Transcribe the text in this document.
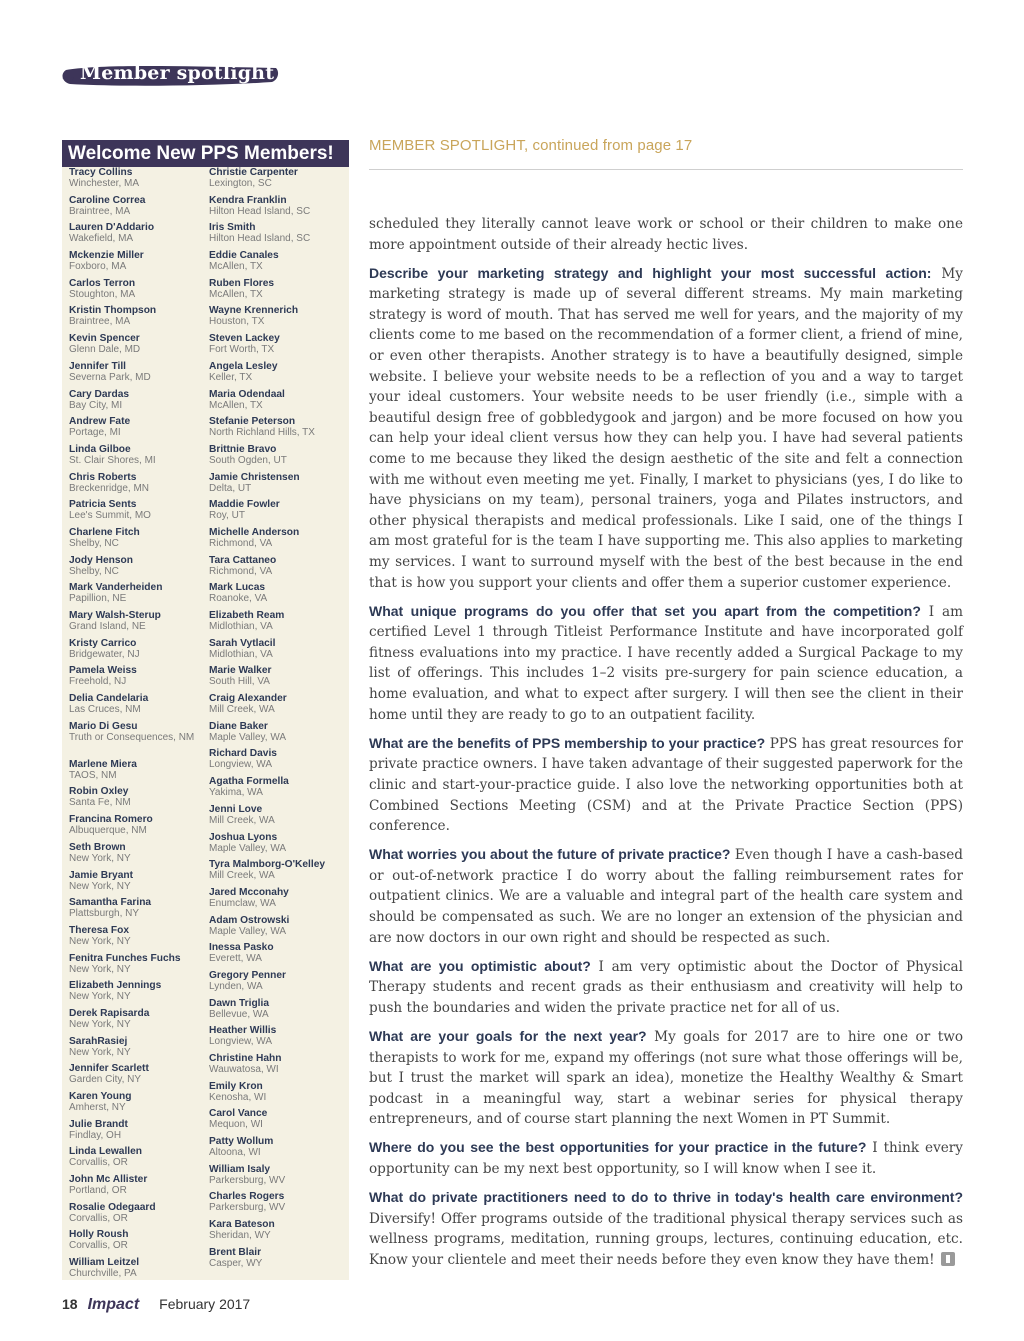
Member spotlight
Welcome New PPS Members!
Tracy Collins
Winchester, MA
Caroline Correa
Braintree, MA
Lauren D'Addario
Wakefield, MA
Mckenzie Miller
Foxboro, MA
Carlos Terron
Stoughton, MA
Kristin Thompson
Braintree, MA
Kevin Spencer
Glenn Dale, MD
Jennifer Till
Severna Park, MD
Cary Dardas
Bay City, MI
Andrew Fate
Portage, MI
Linda Gilboe
St. Clair Shores, MI
Chris Roberts
Breckenridge, MN
Patricia Sents
Lee's Summit, MO
Charlene Fitch
Shelby, NC
Jody Henson
Shelby, NC
Mark Vanderheiden
Papillion, NE
Mary Walsh-Sterup
Grand Island, NE
Kristy Carrico
Bridgewater, NJ
Pamela Weiss
Freehold, NJ
Delia Candelaria
Las Cruces, NM
Mario Di Gesu
Truth or Consequences, NM
Marlene Miera
TAOS, NM
Robin Oxley
Santa Fe, NM
Francina Romero
Albuquerque, NM
Seth Brown
New York, NY
Jamie Bryant
New York, NY
Samantha Farina
Plattsburgh, NY
Theresa Fox
New York, NY
Fenitra Funches Fuchs
New York, NY
Elizabeth Jennings
New York, NY
Derek Rapisarda
New York, NY
SarahRasiej
New York, NY
Jennifer Scarlett
Garden City, NY
Karen Young
Amherst, NY
Julie Brandt
Findlay, OH
Linda Lewallen
Corvallis, OR
John Mc Allister
Portland, OR
Rosalie Odegaard
Corvallis, OR
Holly Roush
Corvallis, OR
William Leitzel
Churchville, PA
Christie Carpenter
Lexington, SC
Kendra Franklin
Hilton Head Island, SC
Iris Smith
Hilton Head Island, SC
Eddie Canales
McAllen, TX
Ruben Flores
McAllen, TX
Wayne Krennerich
Houston, TX
Steven Lackey
Fort Worth, TX
Angela Lesley
Keller, TX
Maria Odendaal
McAllen, TX
Stefanie Peterson
North Richland Hills, TX
Brittnie Bravo
South Ogden, UT
Jamie Christensen
Delta, UT
Maddie Fowler
Roy, UT
Michelle Anderson
Richmond, VA
Tara Cattaneo
Richmond, VA
Mark Lucas
Roanoke, VA
Elizabeth Ream
Midlothian, VA
Sarah Vytlacil
Midlothian, VA
Marie Walker
South Hill, VA
Craig Alexander
Mill Creek, WA
Diane Baker
Maple Valley, WA
Richard Davis
Longview, WA
Agatha Formella
Yakima, WA
Jenni Love
Mill Creek, WA
Joshua Lyons
Maple Valley, WA
Tyra Malmborg-O'Kelley
Mill Creek, WA
Jared Mcconahy
Enumclaw, WA
Adam Ostrowski
Maple Valley, WA
Inessa Pasko
Everett, WA
Gregory Penner
Lynden, WA
Dawn Triglia
Bellevue, WA
Heather Willis
Longview, WA
Christine Hahn
Wauwatosa, WI
Emily Kron
Kenosha, WI
Carol Vance
Mequon, WI
Patty Wollum
Altoona, WI
William Isaly
Parkersburg, WV
Charles Rogers
Parkersburg, WV
Kara Bateson
Sheridan, WY
Brent Blair
Casper, WY
MEMBER SPOTLIGHT, continued from page 17

scheduled they literally cannot leave work or school or their children to make one more appointment outside of their already hectic lives.

Describe your marketing strategy and highlight your most successful action: My marketing strategy is made up of several different streams. My main marketing strategy is word of mouth. That has served me well for years, and the majority of my clients come to me based on the recommendation of a former client, a friend of mine, or even other therapists. Another strategy is to have a beautifully designed, simple website. I believe your website needs to be a reflection of you and a way to target your ideal customers. Your website needs to be user friendly (i.e., simple with a beautiful design free of gobbledygook and jargon) and be more focused on how you can help your ideal client versus how they can help you. I have had several patients come to me because they liked the design aesthetic of the site and felt a connection with me without even meeting me yet. Finally, I market to physicians (yes, I do like to have physicians on my team), personal trainers, yoga and Pilates instructors, and other physical therapists and medical professionals. Like I said, one of the things I am most grateful for is the team I have supporting me. This also applies to marketing my services. I want to surround myself with the best of the best because in the end that is how you support your clients and offer them a superior customer experience.

What unique programs do you offer that set you apart from the competition? I am certified Level 1 through Titleist Performance Institute and have incorporated golf fitness evaluations into my practice. I have recently added a Surgical Package to my list of offerings. This includes 1–2 visits pre-surgery for pain science education, a home evaluation, and what to expect after surgery. I will then see the client in their home until they are ready to go to an outpatient facility.

What are the benefits of PPS membership to your practice? PPS has great resources for private practice owners. I have taken advantage of their suggested paperwork for the clinic and start-your-practice guide. I also love the networking opportunities both at Combined Sections Meeting (CSM) and at the Private Practice Section (PPS) conference.

What worries you about the future of private practice? Even though I have a cash-based or out-of-network practice I do worry about the falling reimbursement rates for outpatient clinics. We are a valuable and integral part of the health care system and should be compensated as such. We are no longer an extension of the physician and are now doctors in our own right and should be respected as such.

What are you optimistic about? I am very optimistic about the Doctor of Physical Therapy students and recent grads as their enthusiasm and creativity will help to push the boundaries and widen the private practice net for all of us.

What are your goals for the next year? My goals for 2017 are to hire one or two therapists to work for me, expand my offerings (not sure what those offerings will be, but I trust the market will spark an idea), monetize the Healthy Wealthy & Smart podcast in a meaningful way, start a webinar series for physical therapy entrepreneurs, and of course start planning the next Women in PT Summit.

Where do you see the best opportunities for your practice in the future? I think every opportunity can be my next best opportunity, so I will know when I see it.

What do private practitioners need to do to thrive in today's health care environment? Diversify! Offer programs outside of the traditional physical therapy services such as wellness programs, meditation, running groups, lectures, continuing education, etc. Know your clientele and meet their needs before they even know they have them!

18 Impact February 2017
